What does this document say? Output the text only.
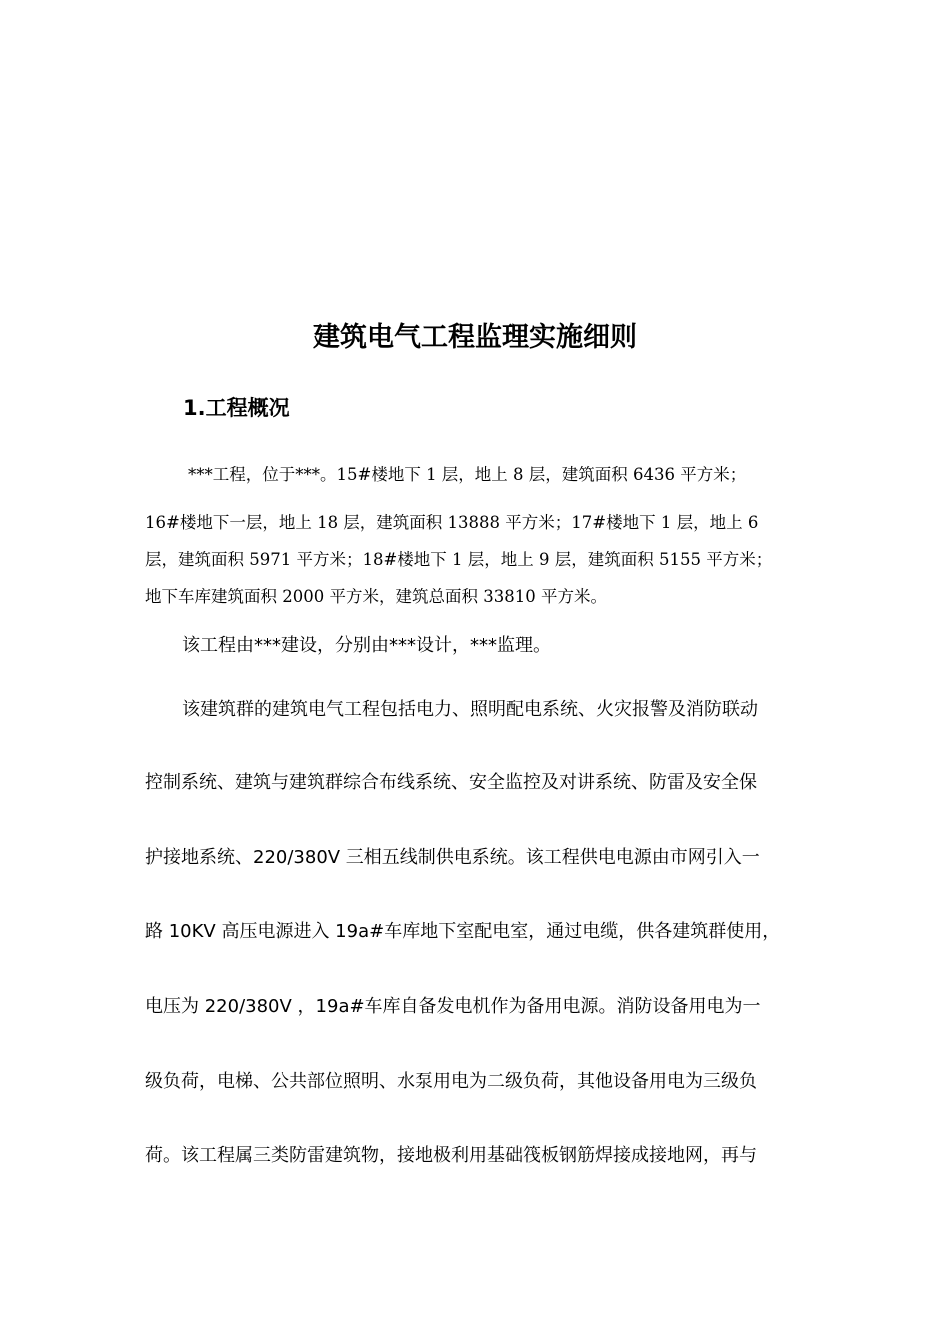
建筑电气工程监理实施细则
1.工程概况
***工程，位于***。15#楼地下 1 层，地上 8 层，建筑面积 6436 平方米；
16#楼地下一层，地上 18 层，建筑面积 13888 平方米；17#楼地下 1 层，地上 6
层，建筑面积 5971 平方米；18#楼地下 1 层，地上 9 层，建筑面积 5155 平方米；
地下车库建筑面积 2000 平方米，建筑总面积 33810 平方米。
该工程由***建设，分别由***设计，***监理。
该建筑群的建筑电气工程包括电力、照明配电系统、火灾报警及消防联动
控制系统、建筑与建筑群综合布线系统、安全监控及对讲系统、防雷及安全保
护接地系统、220/380V 三相五线制供电系统。该工程供电电源由市网引入一
路 10KV 高压电源进入 19a#车库地下室配电室，通过电缆，供各建筑群使用，
电压为 220/380V ，19a#车库自备发电机作为备用电源。消防设备用电为一
级负荷，电梯、公共部位照明、水泵用电为二级负荷，其他设备用电为三级负
荷。该工程属三类防雷建筑物，接地极利用基础筏板钢筋焊接成接地网，再与
